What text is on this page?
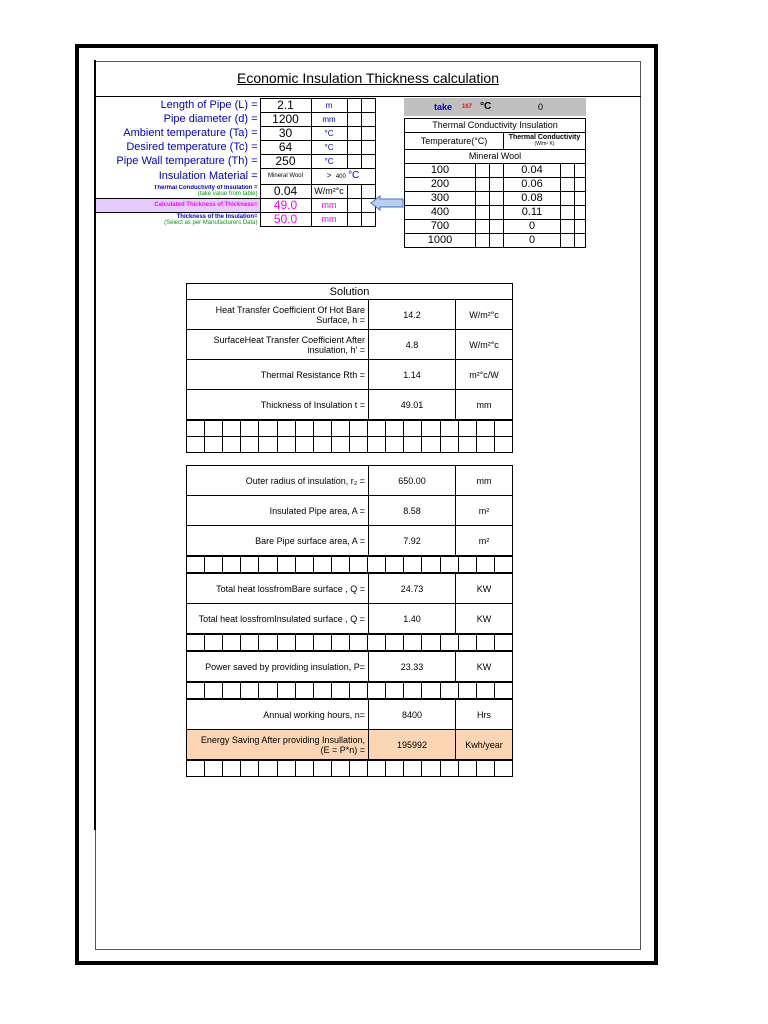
Economic Insulation Thickness calculation
Length of Pipe (L) =	2.1	m		
Pipe diameter (d) =	1200	mm		
Ambient temperature (Ta) =	30	°C		
Desired temperature (Tc) =	64	°C		
Pipe Wall temperature (Th) =	250	°C		
Insulation Material =	Mineral Wool	> 400 °C		

Thermal Conductivity of Insulation =
(take value from table)	0.04	W/m²°c		
Calculated Thickness of Thickness=	49.0	mm		

Thickness of the Insulation=
(Select as per Manufacturers Data)	50.0	mm		
take 167 °C	0
Thermal Conductivity Insulation					
Temperature(°C)			Thermal Conductivity
(W/m² K)		

Mineral Wool					
100			0.04		
200			0.06		
300			0.08		
400			0.11		
700			0		
1000			0		
Solution		
Heat Transfer Coefficient Of Hot Bare Surface, h =	14.2	W/m²°c
SurfaceHeat Transfer Coefficient After insulation, h' =	4.8	W/m²°c
Thermal Resistance Rth =	1.14	m²°c/W
Thickness of Insulation t =	49.01	mm

Outer radius of insulation, r₂ =	650.00	mm
Insulated Pipe area, A =	8.58	m²
Bare Pipe surface area, A =	7.92	m²

Total heat lossfromBare surface , Q =	24.73	KW
Total heat lossfromInsulated surface , Q =	1.40	KW

Power saved by providing insulation, P=	23.33	KW

Annual working hours, n=	8400	Hrs
Energy Saving After providing Insullation, (E = P*n) =	195992	Kwh/year
